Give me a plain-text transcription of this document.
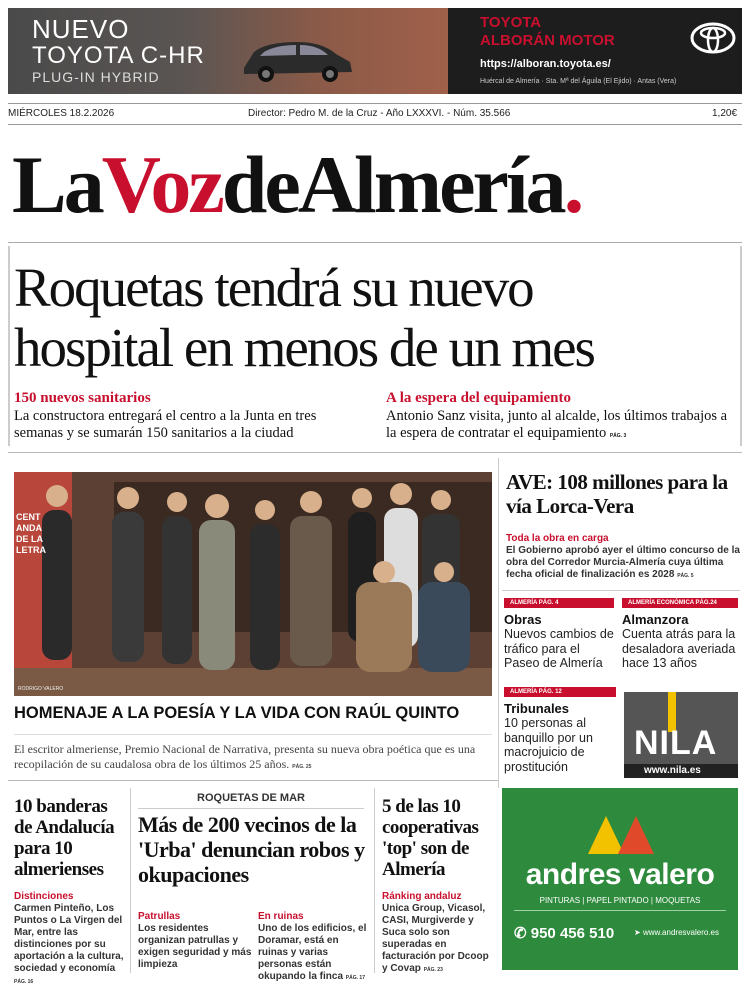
NUEVO
TOYOTA C-HR
PLUG-IN HYBRID
TOYOTA
ALBORÁN MOTOR
https://alboran.toyota.es/
Huércal de Almería · Sta. Mª del Águila (El Ejido) · Antas (Vera)
MIÉRCOLES 18.2.2026	Director: Pedro M. de la Cruz - Año LXXXVI. - Núm. 35.566	1,20€
LaVozdeAlmería.
Roquetas tendrá su nuevo
hospital en menos de un mes
150 nuevos sanitarios
La constructora entregará el centro a la Junta en tres semanas y se sumarán 150 sanitarios a la ciudad
A la espera del equipamiento
Antonio Sanz visita, junto al alcalde, los últimos trabajos a la espera de contratar el equipamiento PÁG. 3
CENT ANDA DE LA LETRA
RODRIGO VALERO
HOMENAJE A LA POESÍA Y LA VIDA CON RAÚL QUINTO
El escritor almeriense, Premio Nacional de Narrativa, presenta su nueva obra poética que es una recopilación de su caudalosa obra de los últimos 25 años. PÁG. 25
AVE: 108 millones para la vía Lorca-Vera
Toda la obra en carga
El Gobierno aprobó ayer el último concurso de la obra del Corredor Murcia-Almería cuya última fecha oficial de finalización es 2028 PÁG. 5
ALMERÍA PÁG. 4
Obras
Nuevos cambios de tráfico para el Paseo de Almería
ALMERÍA ECONÓMICA PÁG.24
Almanzora
Cuenta atrás para la desaladora averiada hace 13 años
ALMERÍA PÁG. 12
Tribunales
10 personas al banquillo por un macrojuicio de prostitución
NILA
www.nila.es
10 banderas de Andalucía para 10 almerienses
Distinciones
Carmen Pinteño, Los Puntos o La Virgen del Mar, entre las distinciones por su aportación a la cultura, sociedad y economía PÁG. 16
ROQUETAS DE MAR
Más de 200 vecinos de la 'Urba' denuncian robos y okupaciones
Patrullas
Los residentes organizan patrullas y exigen seguridad y más limpieza
En ruinas
Uno de los edificios, el Doramar, está en ruinas y varias personas están okupando la finca PÁG. 17
5 de las 10 cooperativas 'top' son de Almería
Ránking andaluz
Unica Group, Vicasol, CASI, Murgiverde y Suca solo son superadas en facturación por Dcoop y Covap PÁG. 23
andres valero
PINTURAS | PAPEL PINTADO | MOQUETAS
✆ 950 456 510 ➤ www.andresvalero.es
